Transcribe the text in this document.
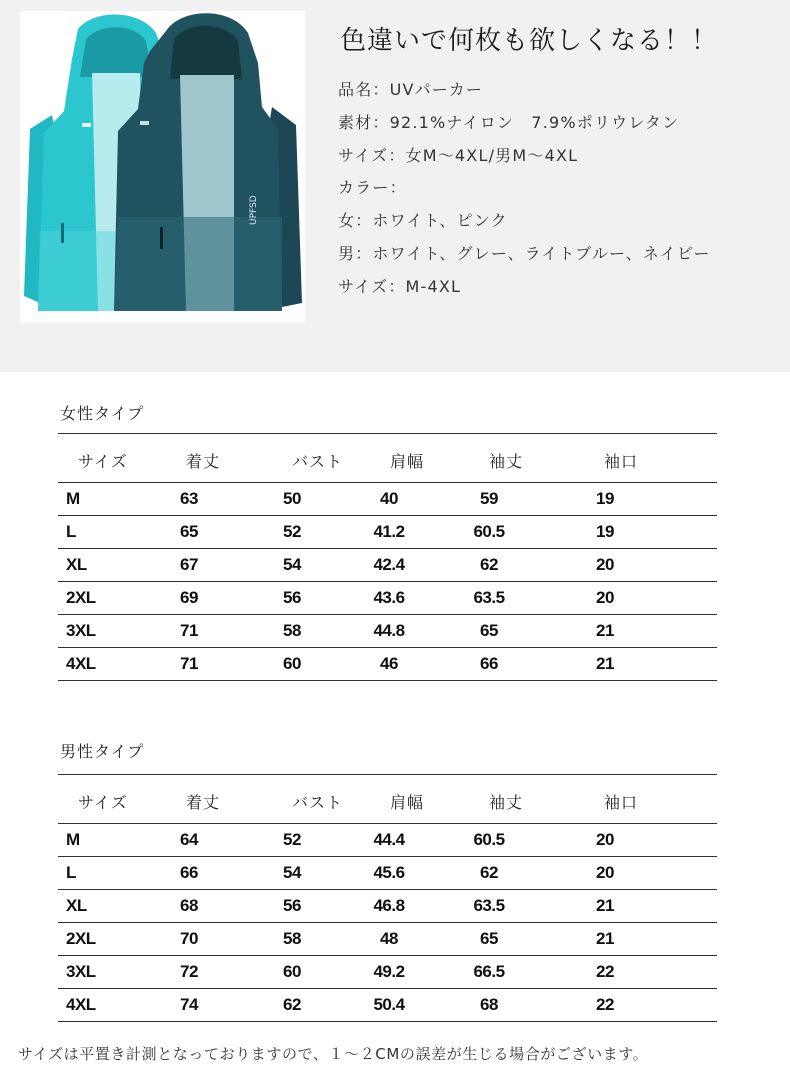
UPFSD
色違いで何枚も欲しくなる！！
品名：UVパーカー
素材：92.1%ナイロン　7.9%ポリウレタン
サイズ：女M～4XL/男M～4XL
カラー：
女：ホワイト、ピンク
男：ホワイト、グレー、ライトブルー、ネイビー
サイズ：M-4XL
女性タイプ
サイズ	着丈	バスト	肩幅	袖丈	袖口
M	63	50	40	59	19
L	65	52	41.2	60.5	19
XL	67	54	42.4	62	20
2XL	69	56	43.6	63.5	20
3XL	71	58	44.8	65	21
4XL	71	60	46	66	21
男性タイプ
サイズ	着丈	バスト	肩幅	袖丈	袖口
M	64	52	44.4	60.5	20
L	66	54	45.6	62	20
XL	68	56	46.8	63.5	21
2XL	70	58	48	65	21
3XL	72	60	49.2	66.5	22
4XL	74	62	50.4	68	22
サイズは平置き計測となっておりますので、１～２CMの誤差が生じる場合がございます。
